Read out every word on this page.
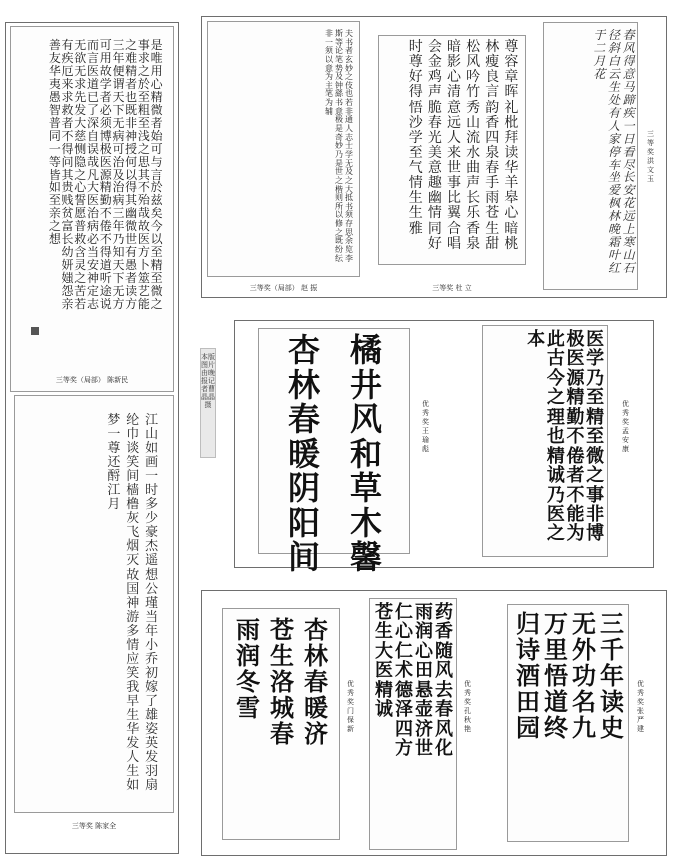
是
唯
用
心
精
微
者
始
可
与
言
於
兹
矣
今
以
至
精
至
微
之
事
求
之
於
至
粗
至
浅
之
思
其
不
殆
哉
故
医
方
卜
筮
艺
能
之
难
精
者
也
既
非
神
授
何
以
得
其
幽
微
世
有
愚
者
读
方
三
年
便
谓
天
下
无
病
可
治
及
治
病
三
年
乃
知
天
下
无
方
可
用
故
学
者
必
须
博
极
医
源
精
勤
不
倦
不
得
道
听
途
说
而
言
医
道
已
了
深
自
误
哉
凡
大
医
治
病
必
当
安
神
定
志
无
欲
无
求
先
发
大
慈
恻
隐
之
心
誓
愿
普
救
含
灵
之
苦
若
有
疾
厄
来
求
救
者
不
得
问
其
贵
贱
贫
富
长
幼
妍
媸
怨
亲
善
友
华
夷
愚
智
普
同
一
等
皆
如
至
亲
之
想
三等奖（局部） 陈新民
江
山
如
画
一
时
多
少
豪
杰
遥
想
公
瑾
当
年
小
乔
初
嫁
了
雄
姿
英
发
羽
扇
纶
巾
谈
笑
间
樯
橹
灰
飞
烟
灭
故
国
神
游
多
情
应
笑
我
早
生
华
发
人
生
如
梦
一
尊
还
酹
江
月
三等奖 陈家全
本版图片由晚报记者曹晶晶摄
夫
书
者
玄
妙
之
伎
也
若
非
通
人
志
士
学
无
及
之
大
抵
书
须
存
思
余
览
李
斯
等
论
笔
势
及
钟
繇
书
意
极
是
奇
妙
乃
是
世
之
楷
则
所
以
修
之
既
纷
纭
非
一
须
以
意
为
主
笔
为
辅
三等奖（局部） 赵 振
尊
容
章
晖
礼
枇
拜
读
华
羊
皋
心
暗
桃
林
瘦
良
言
韵
香
四
泉
春
手
雨
苍
生
甜
松
风
吟
竹
秀
山
流
水
曲
声
长
乐
香
泉
暗
影
心
清
意
远
人
来
世
事
比
翼
合
唱
会
金
鸡
声
脆
春
光
美
意
趣
幽
情
同
好
时
尊
好
得
悟
沙
学
至
气
情
生
生
雅
三等奖 杜 立
春
风
得
意
马
蹄
疾
一
日
看
尽
长
安
花
远
上
寒
山
石
径
斜
白
云
生
处
有
人
家
停
车
坐
爱
枫
林
晚
霜
叶
红
于
二
月
花
三等奖
洪文玉
橘
井
风
和
草
木
馨
杏
林
春
暖
阴
阳
间
优秀奖
王瑜彪
医
学
乃
至
精
至
微
之
事
非
博
极
医
源
精
勤
不
倦
者
不
能
为
此
古
今
之
理
也
精
诚
乃
医
之
本
优秀奖
孟安康
杏
林
春
暖
济
苍
生
洛
城
春
雨
润
冬
雪
优秀奖
门保新
药
香
随
风
去
春
风
化
雨
润
心
田
悬
壶
济
世
仁
心
仁
术
德
泽
四
方
苍
生
大
医
精
诚
优秀奖
孔秋艳
三
千
年
读
史
无
外
功
名
九
万
里
悟
道
终
归
诗
酒
田
园
优秀奖
张严建
